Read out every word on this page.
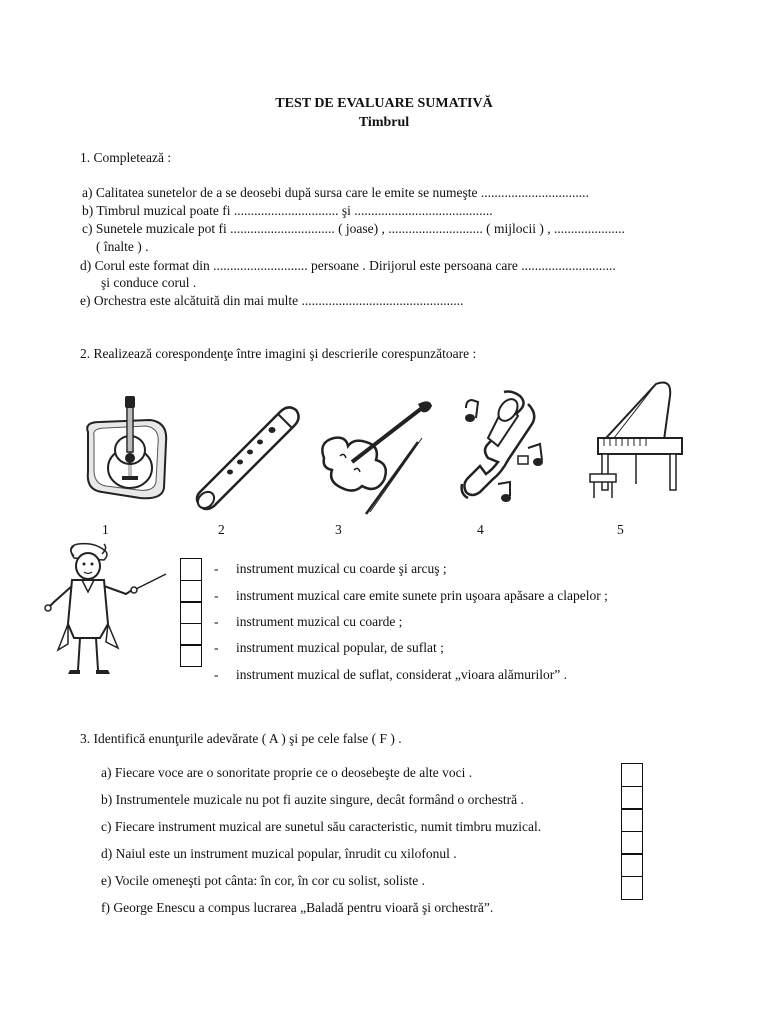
TEST DE EVALUARE SUMATIVĂ
Timbrul
1. Completează :
a) Calitatea sunetelor de a se deosebi după sursa care le emite se numeşte ................................
b) Timbrul muzical poate fi ............................... şi .........................................
c) Sunetele muzicale pot fi ............................... ( joase) , ............................ ( mijlocii ) , .....................
( înalte ) .
d) Corul este format din ............................ persoane . Dirijorul este persoana care ............................
şi conduce corul .
e) Orchestra este alcătuită din mai multe ................................................
2. Realizează corespondenţe între imagini şi descrierile corespunzătoare :
1	2	3	4	5
- instrument muzical cu coarde şi arcuş ;
- instrument muzical care emite sunete prin uşoara apăsare a clapelor ;
- instrument muzical cu coarde ;
- instrument muzical popular, de suflat ;
- instrument muzical de suflat, considerat „vioara alămurilor” .
3. Identifică enunţurile adevărate ( A ) şi pe cele false ( F ) .
a) Fiecare voce are o sonoritate proprie ce o deosebeşte de alte voci .
b) Instrumentele muzicale nu pot fi auzite singure, decât formând o orchestră .
c) Fiecare instrument muzical are sunetul său caracteristic, numit timbru muzical.
d) Naiul este un instrument muzical popular, înrudit cu xilofonul .
e) Vocile omeneşti pot cânta: în cor, în cor cu solist, soliste .
f) George Enescu a compus lucrarea „Baladă pentru vioară şi orchestră”.
